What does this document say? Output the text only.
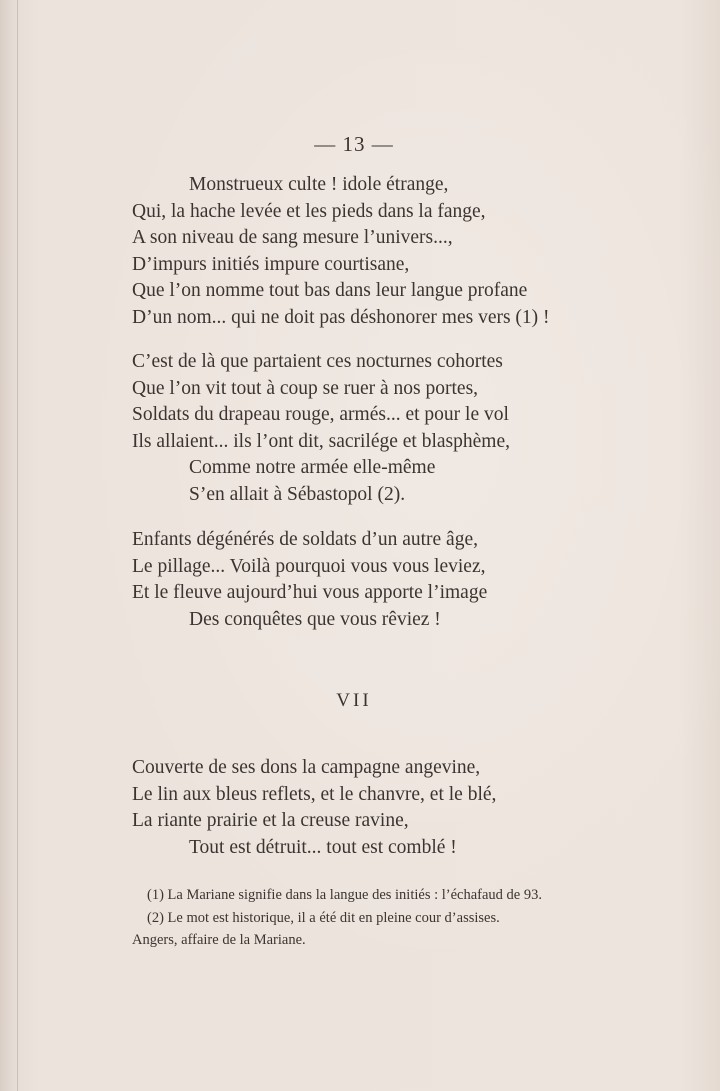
— 13 —
Monstrueux culte ! idole étrange,
Qui, la hache levée et les pieds dans la fange,
A son niveau de sang mesure l’univers...,
D’impurs initiés impure courtisane,
Que l’on nomme tout bas dans leur langue profane
D’un nom... qui ne doit pas déshonorer mes vers (1) !
C’est de là que partaient ces nocturnes cohortes
Que l’on vit tout à coup se ruer à nos portes,
Soldats du drapeau rouge, armés... et pour le vol
Ils allaient... ils l’ont dit, sacrilége et blasphème,
Comme notre armée elle-même
S’en allait à Sébastopol (2).
Enfants dégénérés de soldats d’un autre âge,
Le pillage... Voilà pourquoi vous vous leviez,
Et le fleuve aujourd’hui vous apporte l’image
Des conquêtes que vous rêviez !
VII
Couverte de ses dons la campagne angevine,
Le lin aux bleus reflets, et le chanvre, et le blé,
La riante prairie et la creuse ravine,
Tout est détruit... tout est comblé !
(1) La Mariane signifie dans la langue des initiés : l’échafaud de 93.
(2) Le mot est historique, il a été dit en pleine cour d’assises.
Angers, affaire de la Mariane.
